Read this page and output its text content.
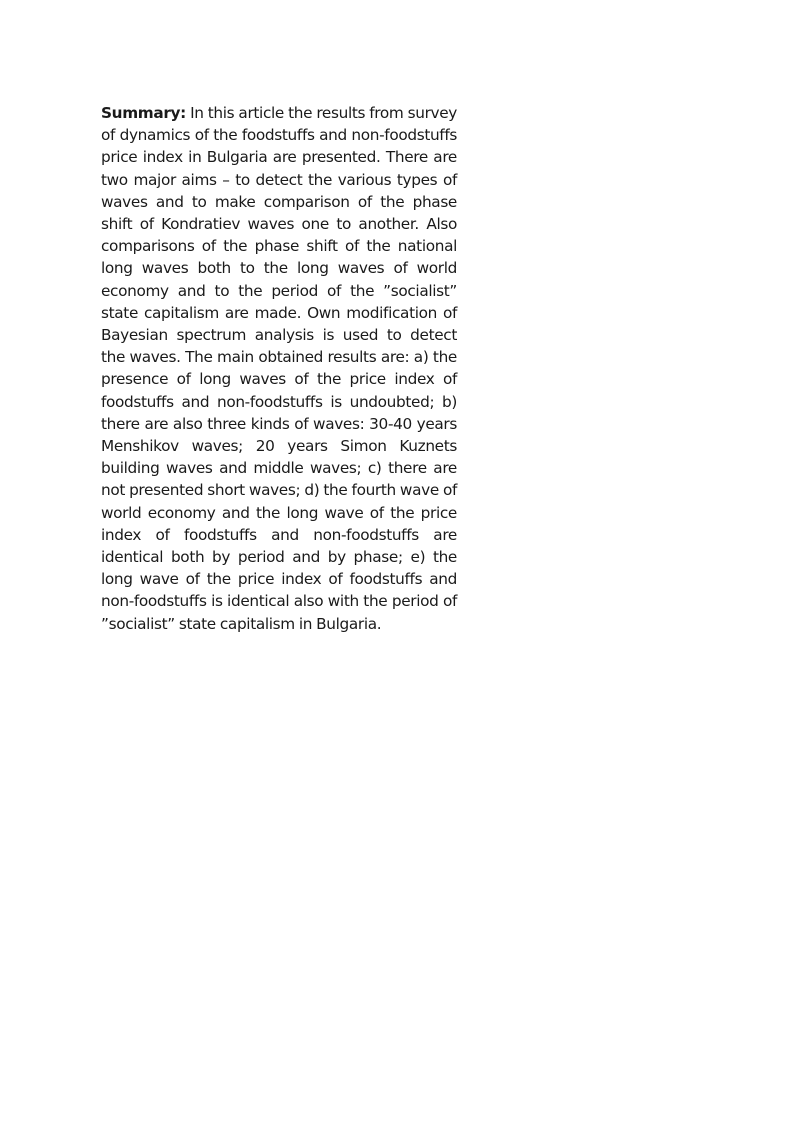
Summary: In this article the results from survey of dynamics of the foodstuffs and non-foodstuffs price index in Bulgaria are presented. There are two major aims – to detect the various types of waves and to make comparison of the phase shift of Kondratiev waves one to another. Also comparisons of the phase shift of the national long waves both to the long waves of world economy and to the period of the ”socialist” state capitalism are made. Own modification of Bayesian spectrum analysis is used to detect the waves. The main obtained results are: a) the presence of long waves of the price index of foodstuffs and non-foodstuffs is undoubted; b) there are also three kinds of waves: 30-40 years Menshikov waves; 20 years Simon Kuznets building waves and middle waves; c) there are not presented short waves; d) the fourth wave of world economy and the long wave of the price index of foodstuffs and non-foodstuffs are identical both by period and by phase; e) the long wave of the price index of foodstuffs and non-foodstuffs is identical also with the period of ”socialist” state capitalism in Bulgaria.
